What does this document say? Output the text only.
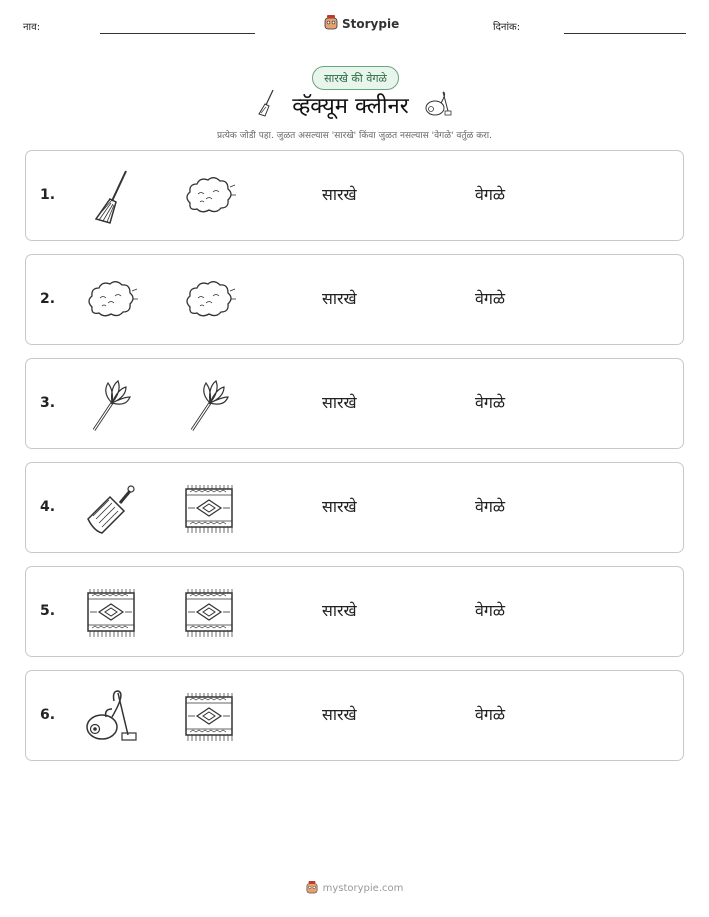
नाव:	Storypie	दिनांक:
सारखे की वेगळे
व्हॅक्यूम क्लीनर
प्रत्येक जोडी पहा. जुळत असल्यास 'सारखे' किंवा जुळत नसल्यास 'वेगळे' वर्तुळ करा.
1.	सारखे	वेगळे
2.	सारखे	वेगळे
3.	सारखे	वेगळे
4.	सारखे	वेगळे
5.	सारखे	वेगळे
6.	सारखे	वेगळे
mystorypie.com
